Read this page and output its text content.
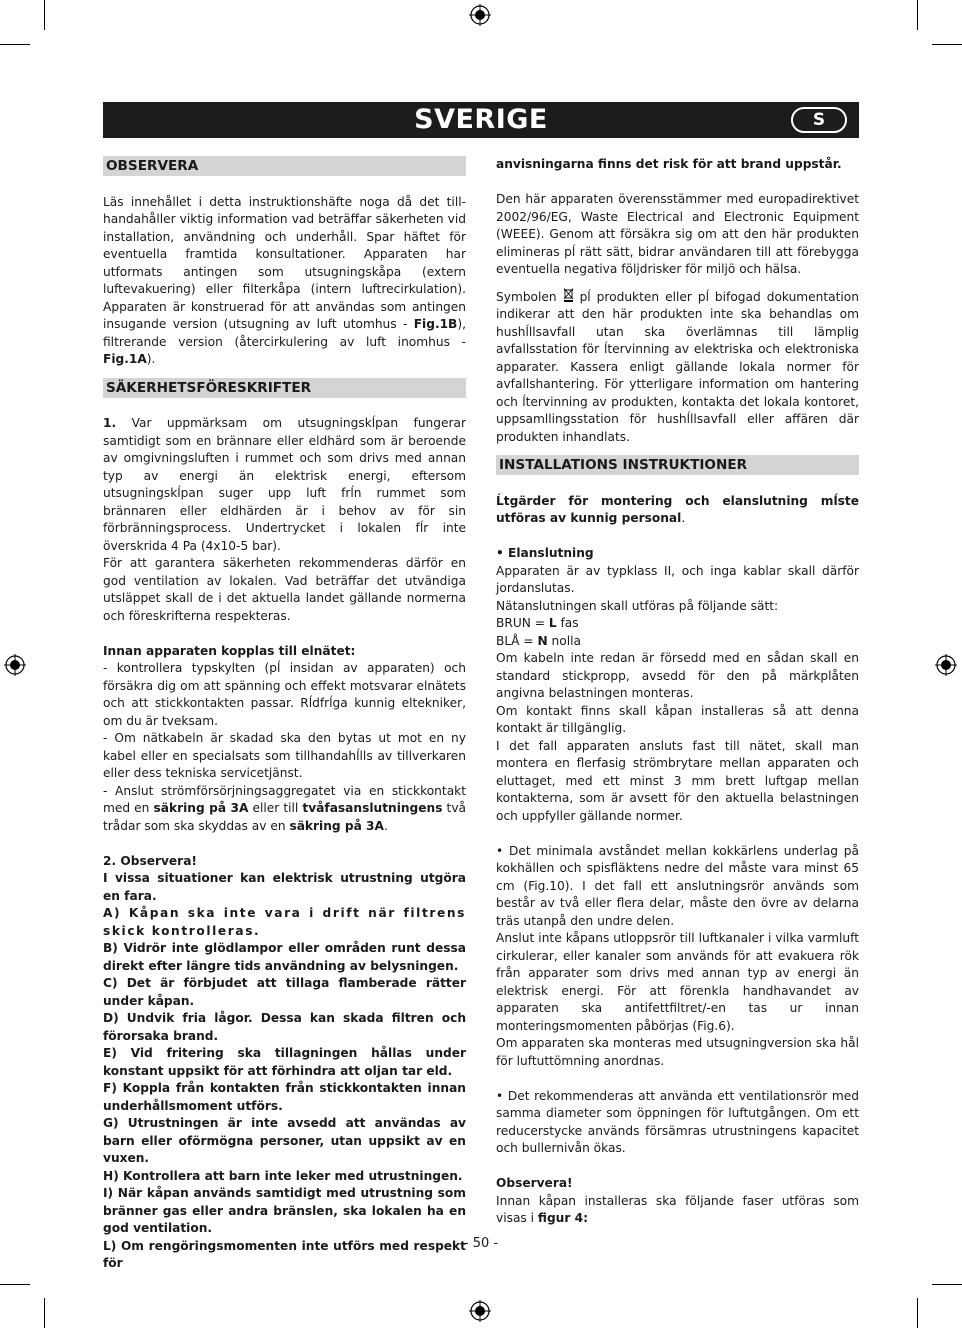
SVERIGE	S
OBSERVERA

Läs innehållet i detta instruktionshäfte noga då det tillhandahåller viktig information vad beträffar säkerheten vid installation, användning och underhåll. Spar häftet för eventuella framtida konsultationer. Apparaten har utformats antingen som utsugningskåpa (extern luftevakuering) eller filterkåpa (intern luftrecirkulation). Apparaten är konstruerad för att användas som antingen insugande version (utsugning av luft utomhus - Fig.1B), filtrerande version (återcirkulering av luft inomhus - Fig.1A).

SÄKERHETSFÖRESKRIFTER

1. Var uppmärksam om utsugningskĺpan fungerar samtidigt som en brännare eller eldhärd som är beroende av omgivningsluften i rummet och som drivs med annan typ av energi än elektrisk energi, eftersom utsugningskĺpan suger upp luft frĺn rummet som brännaren eller eldhärden är i behov av för sin förbränningsprocess. Undertrycket i lokalen fĺr inte överskrida 4 Pa (4x10-5 bar).

För att garantera säkerheten rekommenderas därför en god ventilation av lokalen. Vad beträffar det utvändiga utsläppet skall de i det aktuella landet gällande normerna och föreskrifterna respekteras.

Innan apparaten kopplas till elnätet:

- kontrollera typskylten (pĺ insidan av apparaten) och försäkra dig om att spänning och effekt motsvarar elnätets och att stickkontakten passar. Rĺdfrĺga kunnig eltekniker, om du är tveksam.

- Om nätkabeln är skadad ska den bytas ut mot en ny kabel eller en specialsats som tillhandahĺlls av tillverkaren eller dess tekniska servicetjänst.

- Anslut strömförsörjningsaggregatet via en stickkontakt med en säkring på 3A eller till tvåfasanslutningens två trådar som ska skyddas av en säkring på 3A.

2. Observera!

I vissa situationer kan elektrisk utrustning utgöra en fara.

A) Kåpan ska inte vara i drift när filtrens skick kontrolleras.

B) Vidrör inte glödlampor eller områden runt dessa direkt efter längre tids användning av belysningen.

C) Det är förbjudet att tillaga flamberade rätter under kåpan.

D) Undvik fria lågor. Dessa kan skada filtren och förorsaka brand.

E) Vid fritering ska tillagningen hållas under konstant uppsikt för att förhindra att oljan tar eld.

F) Koppla från kontakten från stickkontakten innan underhållsmoment utförs.

G) Utrustningen är inte avsedd att användas av barn eller oförmögna personer, utan uppsikt av en vuxen.

H) Kontrollera att barn inte leker med utrustningen.

I) När kåpan används samtidigt med utrustning som bränner gas eller andra bränslen, ska lokalen ha en god ventilation.

L) Om rengöringsmomenten inte utförs med respekt för

anvisningarna finns det risk för att brand uppstår.

Den här apparaten överensstämmer med europadirektivet 2002/96/EG, Waste Electrical and Electronic Equipment (WEEE). Genom att försäkra sig om att den här produkten elimineras pĺ rätt sätt, bidrar användaren till att förebygga eventuella negativa följdrisker för miljö och hälsa.

Symbolen  pĺ produkten eller pĺ bifogad dokumentation indikerar att den här produkten inte ska behandlas om hushĺllsavfall utan ska överlämnas till lämplig avfallsstation för ĺtervinning av elektriska och elektroniska apparater. Kassera enligt gällande lokala normer för avfallshantering. För ytterligare information om hantering och ĺtervinning av produkten, kontakta det lokala kontoret, uppsamllingsstation för hushĺllsavfall eller affären där produkten inhandlats.

INSTALLATIONS INSTRUKTIONER

Ĺtgärder för montering och elanslutning mĺste utföras av kunnig personal.

• Elanslutning

Apparaten är av typklass II, och inga kablar skall därför jordanslutas.

Nätanslutningen skall utföras på följande sätt:

BRUN = L fas

BLÅ = N nolla

Om kabeln inte redan är försedd med en sådan skall en standard stickpropp, avsedd för den på märkplåten angivna belastningen monteras.

Om kontakt finns skall kåpan installeras så att denna kontakt är tillgänglig.

I det fall apparaten ansluts fast till nätet, skall man montera en flerfasig strömbrytare mellan apparaten och eluttaget, med ett minst 3 mm brett luftgap mellan kontakterna, som är avsett för den aktuella belastningen och uppfyller gällande normer.

• Det minimala avståndet mellan kokkärlens underlag på kokhällen och spisfläktens nedre del måste vara minst 65 cm (Fig.10). I det fall ett anslutningsrör används som består av två eller flera delar, måste den övre av delarna träs utanpå den undre delen.

Anslut inte kåpans utloppsrör till luftkanaler i vilka varmluft cirkulerar, eller kanaler som används för att evakuera rök från apparater som drivs med annan typ av energi än elektrisk energi. För att förenkla handhavandet av apparaten ska antifettfiltret/-en tas ur innan monteringsmomenten påbörjas (Fig.6).

Om apparaten ska monteras med utsugningversion ska hål för luftuttömning anordnas.

• Det rekommenderas att använda ett ventilationsrör med samma diameter som öppningen för luftutgången. Om ett reducerstycke används försämras utrustningens kapacitet och bullernivån ökas.

Observera!

Innan kåpan installeras ska följande faser utföras som visas i figur 4:

- 50 -
